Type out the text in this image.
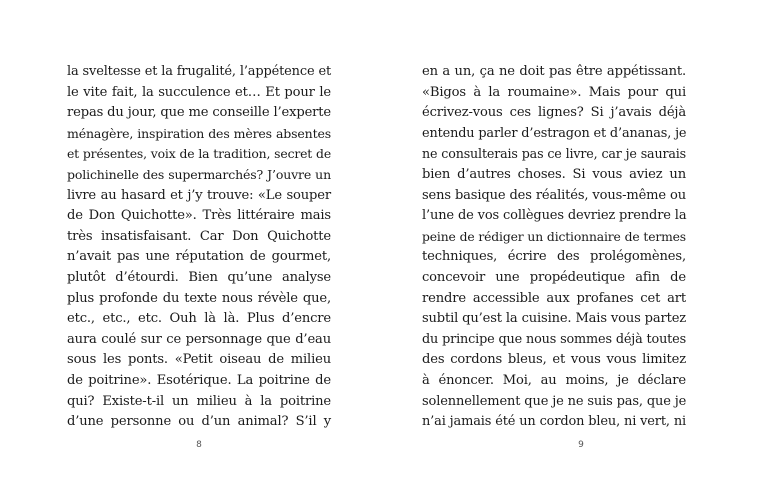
la sveltesse et la frugalité, l’appétence et
le vite fait, la succulence et… Et pour le
repas du jour, que me conseille l’experte
ménagère, inspiration des mères absentes
et présentes, voix de la tradition, secret de
polichinelle des supermarchés? J’ouvre un
livre au hasard et j’y trouve: «Le souper
de Don Quichotte». Très littéraire mais
très insatisfaisant. Car Don Quichotte
n’avait pas une réputation de gourmet,
plutôt d’étourdi. Bien qu’une analyse
plus profonde du texte nous révèle que,
etc., etc., etc. Ouh là là. Plus d’encre
aura coulé sur ce personnage que d’eau
sous les ponts. «Petit oiseau de milieu
de poitrine». Esotérique. La poitrine de
qui? Existe-t-il un milieu à la poitrine
d’une personne ou d’un animal? S’il y
8
en a un, ça ne doit pas être appétissant.
«Bigos à la roumaine». Mais pour qui
écrivez-vous ces lignes? Si j’avais déjà
entendu parler d’estragon et d’ananas, je
ne consulterais pas ce livre, car je saurais
bien d’autres choses. Si vous aviez un
sens basique des réalités, vous-même ou
l’une de vos collègues devriez prendre la
peine de rédiger un dictionnaire de termes
techniques, écrire des prolégomènes,
concevoir une propédeutique afin de
rendre accessible aux profanes cet art
subtil qu’est la cuisine. Mais vous partez
du principe que nous sommes déjà toutes
des cordons bleus, et vous vous limitez
à énoncer. Moi, au moins, je déclare
solennellement que je ne suis pas, que je
n’ai jamais été un cordon bleu, ni vert, ni
9
